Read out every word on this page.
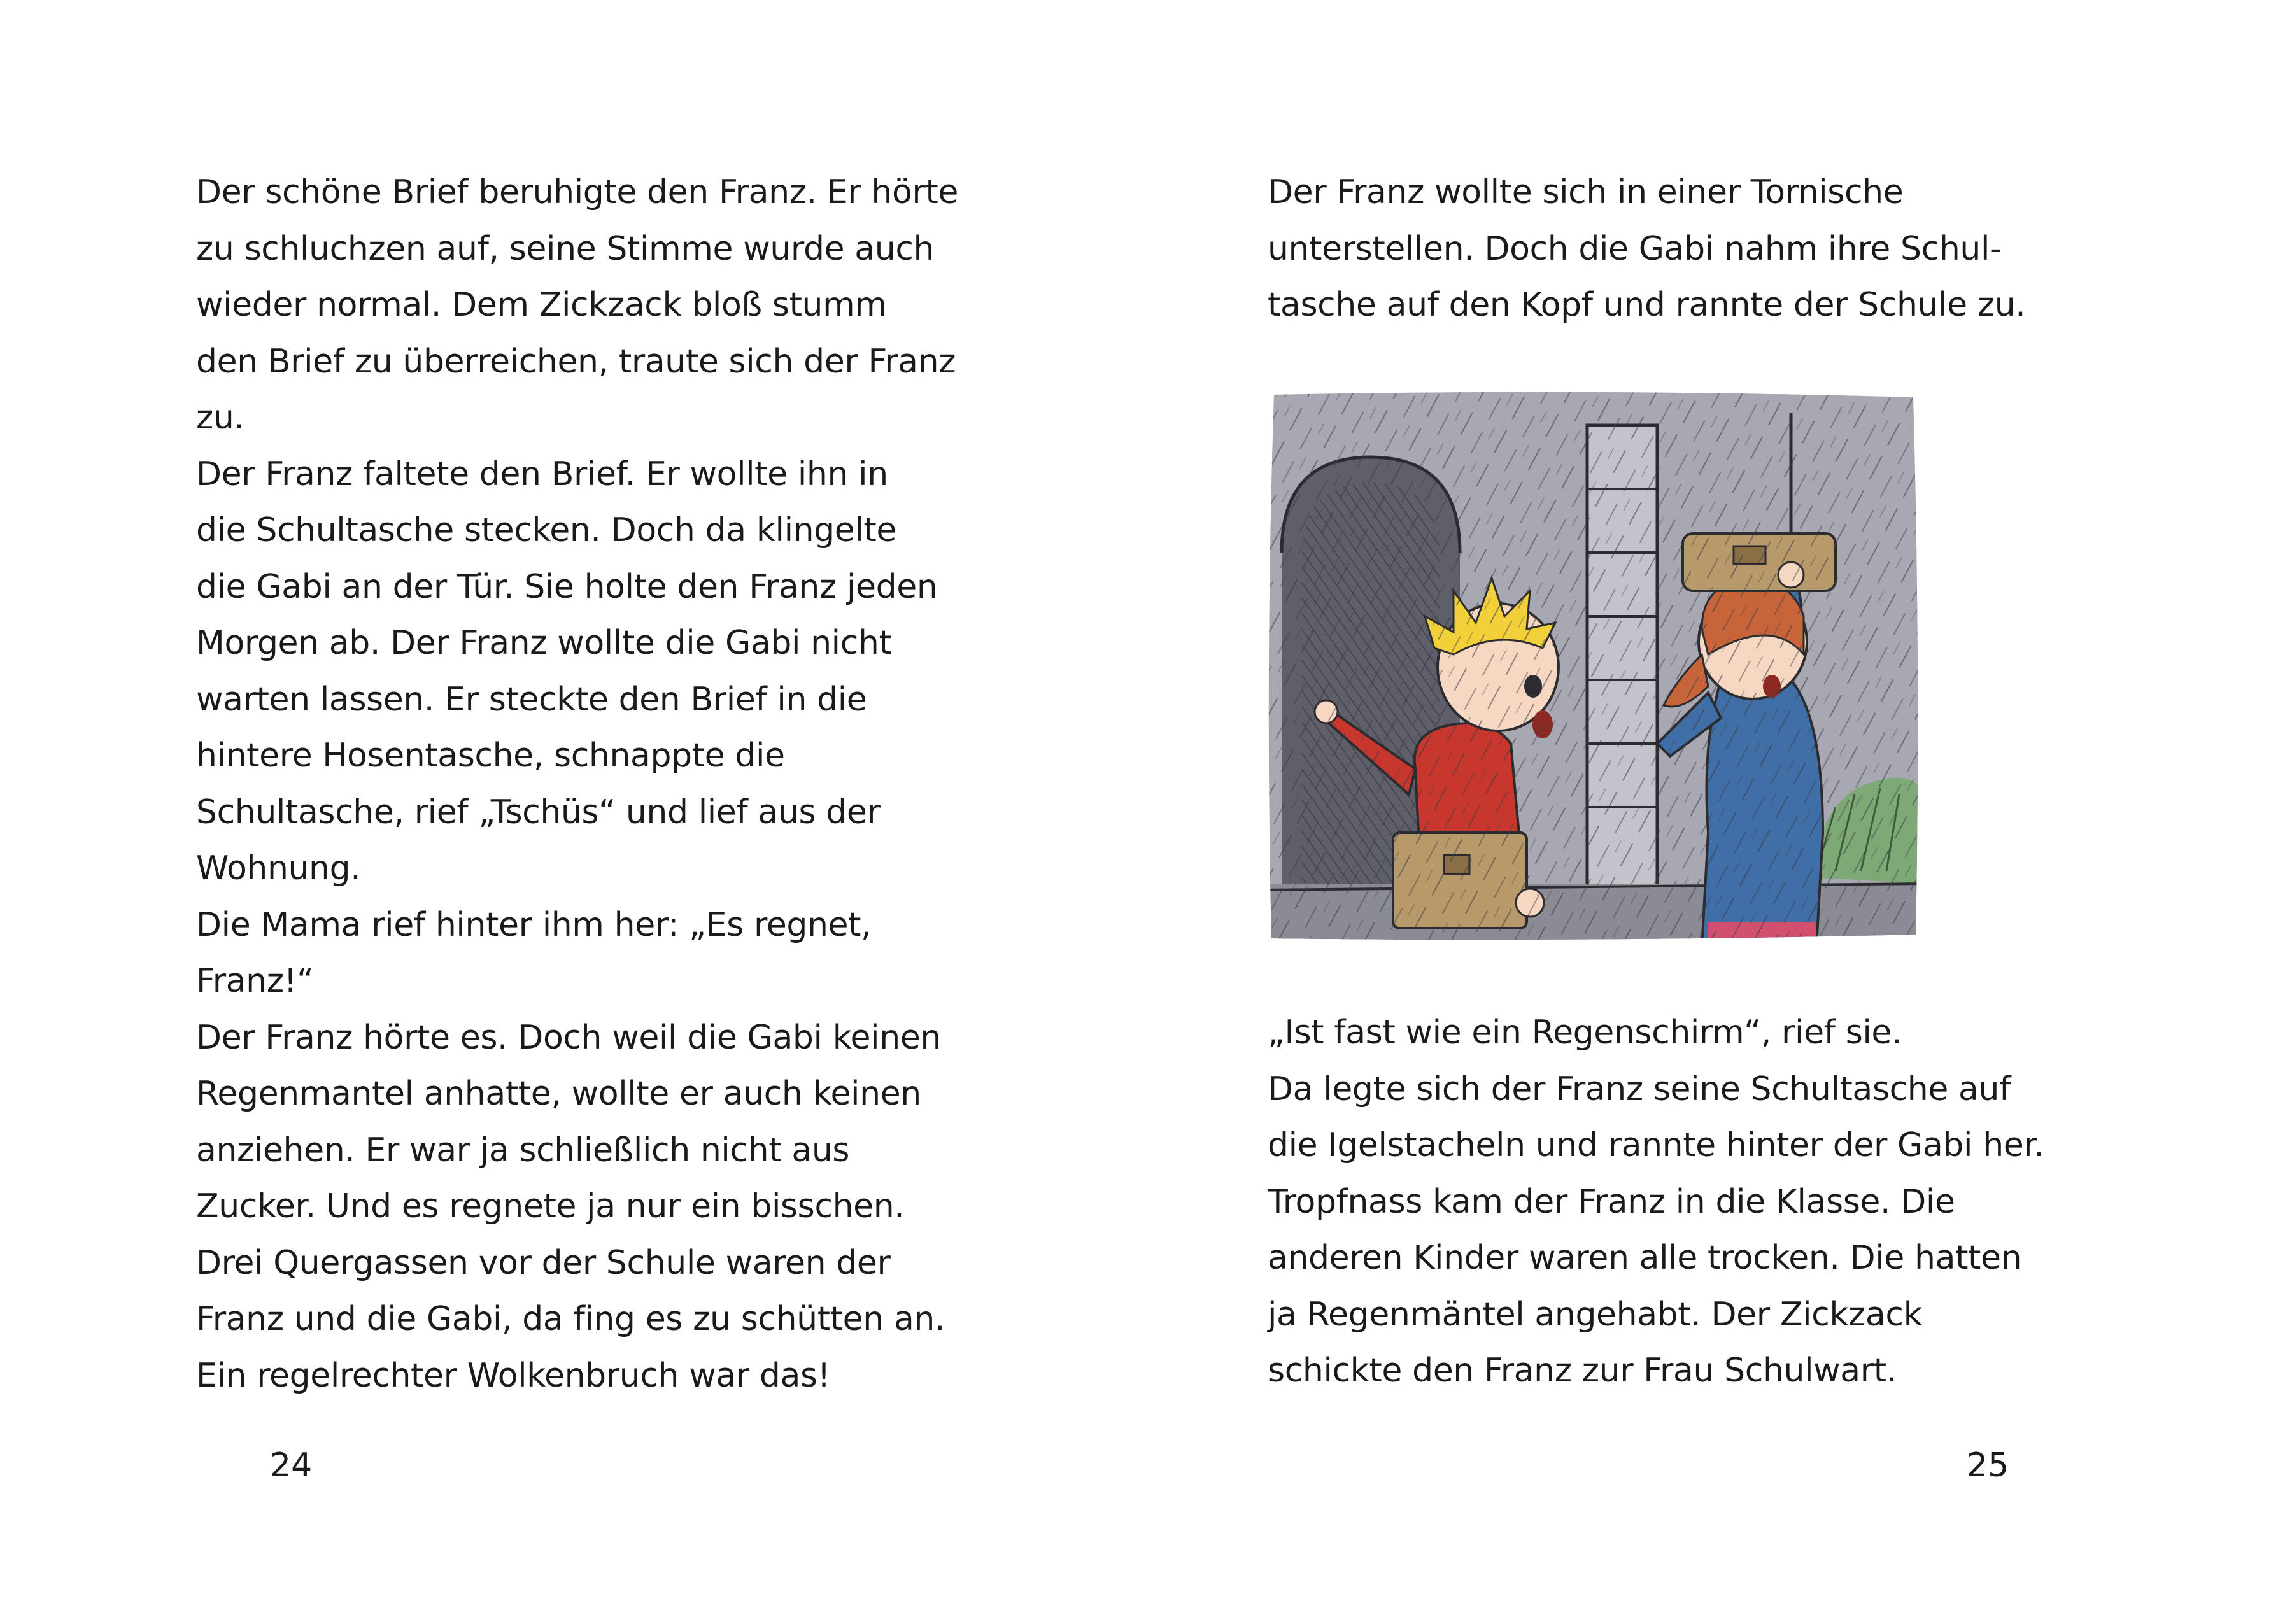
Der schöne Brief beruhigte den Franz. Er hörte
zu schluchzen auf, seine Stimme wurde auch
wieder normal. Dem Zickzack bloß stumm
den Brief zu überreichen, traute sich der Franz
zu.
Der Franz faltete den Brief. Er wollte ihn in
die Schultasche stecken. Doch da klingelte
die Gabi an der Tür. Sie holte den Franz jeden
Morgen ab. Der Franz wollte die Gabi nicht
warten lassen. Er steckte den Brief in die
hintere Hosentasche, schnappte die
Schultasche, rief „Tschüs“ und lief aus der
Wohnung.
Die Mama rief hinter ihm her: „Es regnet,
Franz!“
Der Franz hörte es. Doch weil die Gabi keinen
Regenmantel anhatte, wollte er auch keinen
anziehen. Er war ja schließlich nicht aus
Zucker. Und es regnete ja nur ein bisschen.
Drei Quergassen vor der Schule waren der
Franz und die Gabi, da fing es zu schütten an.
Ein regelrechter Wolkenbruch war das!
24
Der Franz wollte sich in einer Tornische
unterstellen. Doch die Gabi nahm ihre Schul-
tasche auf den Kopf und rannte der Schule zu.
„Ist fast wie ein Regenschirm“, rief sie.
Da legte sich der Franz seine Schultasche auf
die Igelstacheln und rannte hinter der Gabi her.
Tropfnass kam der Franz in die Klasse. Die
anderen Kinder waren alle trocken. Die hatten
ja Regenmäntel angehabt. Der Zickzack
schickte den Franz zur Frau Schulwart.
25
